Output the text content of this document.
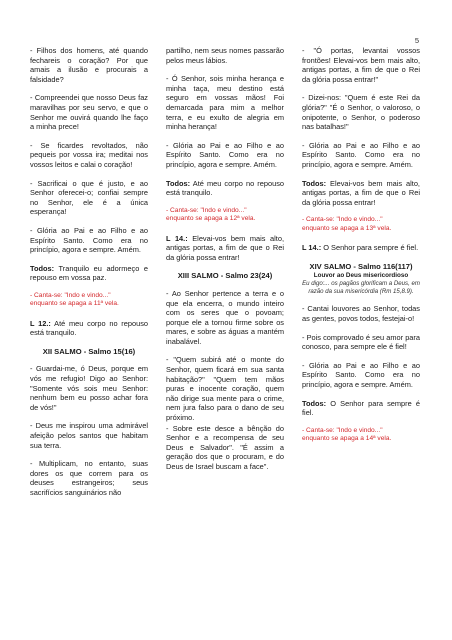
5

- Filhos dos homens, até quando fechareis o coração? Por que amais a ilusão e procurais a falsidade?

- Compreendei que nosso Deus faz maravilhas por seu servo, e que o Senhor me ouvirá quando lhe faço a minha prece!

- Se ficardes revoltados, não pequeis por vossa ira; meditai nos vossos leitos e calai o coração!

- Sacrificai o que é justo, e ao Senhor oferecei-o; confiai sempre no Senhor, ele é a única esperança!

- Glória ao Pai e ao Filho e ao Espírito Santo. Como era no princípio, agora e sempre. Amém.

Todos: Tranquilo eu adormeço e repouso em vossa paz.

- Canta-se: "Indo e vindo..."
enquanto se apaga a 11ª vela.

L 12.: Até meu corpo no repouso está tranquilo.

XII SALMO - Salmo 15(16)

- Guardai-me, ó Deus, porque em vós me refugio! Digo ao Senhor: "Somente vós sois meu Senhor: nenhum bem eu posso achar fora de vós!"

- Deus me inspirou uma admirável afeição pelos santos que habitam sua terra.

- Multiplicam, no entanto, suas dores os que correm para os deuses estrangeiros; seus sacrifícios sanguinários não

partilho, nem seus nomes passarão pelos meus lábios.

- Ó Senhor, sois minha herança e minha taça, meu destino está seguro em vossas mãos! Foi demarcada para mim a melhor terra, e eu exulto de alegria em minha herança!

- Glória ao Pai e ao Filho e ao Espírito Santo. Como era no princípio, agora e sempre. Amém.

Todos: Até meu corpo no repouso está tranquilo.

- Canta-se: "Indo e vindo..."
enquanto se apaga a 12ª vela.

L 14.: Elevai-vos bem mais alto, antigas portas, a fim de que o Rei da glória possa entrar!

XIII SALMO - Salmo 23(24)

- Ao Senhor pertence a terra e o que ela encerra, o mundo inteiro com os seres que o povoam; porque ele a tornou firme sobre os mares, e sobre as águas a mantém inabalável.

- "Quem subirá até o monte do Senhor, quem ficará em sua santa habitação?" "Quem tem mãos puras e inocente coração, quem não dirige sua mente para o crime, nem jura falso para o dano de seu próximo.

- Sobre este desce a bênção do Senhor e a recompensa de seu Deus e Salvador". "É assim a geração dos que o procuram, e do Deus de Israel buscam a face".

- "Ó portas, levantai vossos frontões! Elevai-vos bem mais alto, antigas portas, a fim de que o Rei da glória possa entrar!"

- Dizei-nos: "Quem é este Rei da glória?" "É o Senhor, o valoroso, o onipotente, o Senhor, o poderoso nas batalhas!"

- Glória ao Pai e ao Filho e ao Espírito Santo. Como era no princípio, agora e sempre. Amém.

Todos: Elevai-vos bem mais alto, antigas portas, a fim de que o Rei da glória possa entrar!

- Canta-se: "Indo e vindo..."
enquanto se apaga a 13ª vela.

L 14.: O Senhor para sempre é fiel.

XIV SALMO - Salmo 116(117)
Louvor ao Deus misericordioso
Eu digo:... os pagãos glorificam a Deus, em razão da sua misericórdia (Rm 15,8.9).

- Cantai louvores ao Senhor, todas as gentes, povos todos, festejai-o!

- Pois comprovado é seu amor para conosco, para sempre ele é fiel!

- Glória ao Pai e ao Filho e ao Espírito Santo. Como era no princípio, agora e sempre. Amém.

Todos: O Senhor para sempre é fiel.

- Canta-se: "Indo e vindo..."
enquanto se apaga a 14ª vela.
